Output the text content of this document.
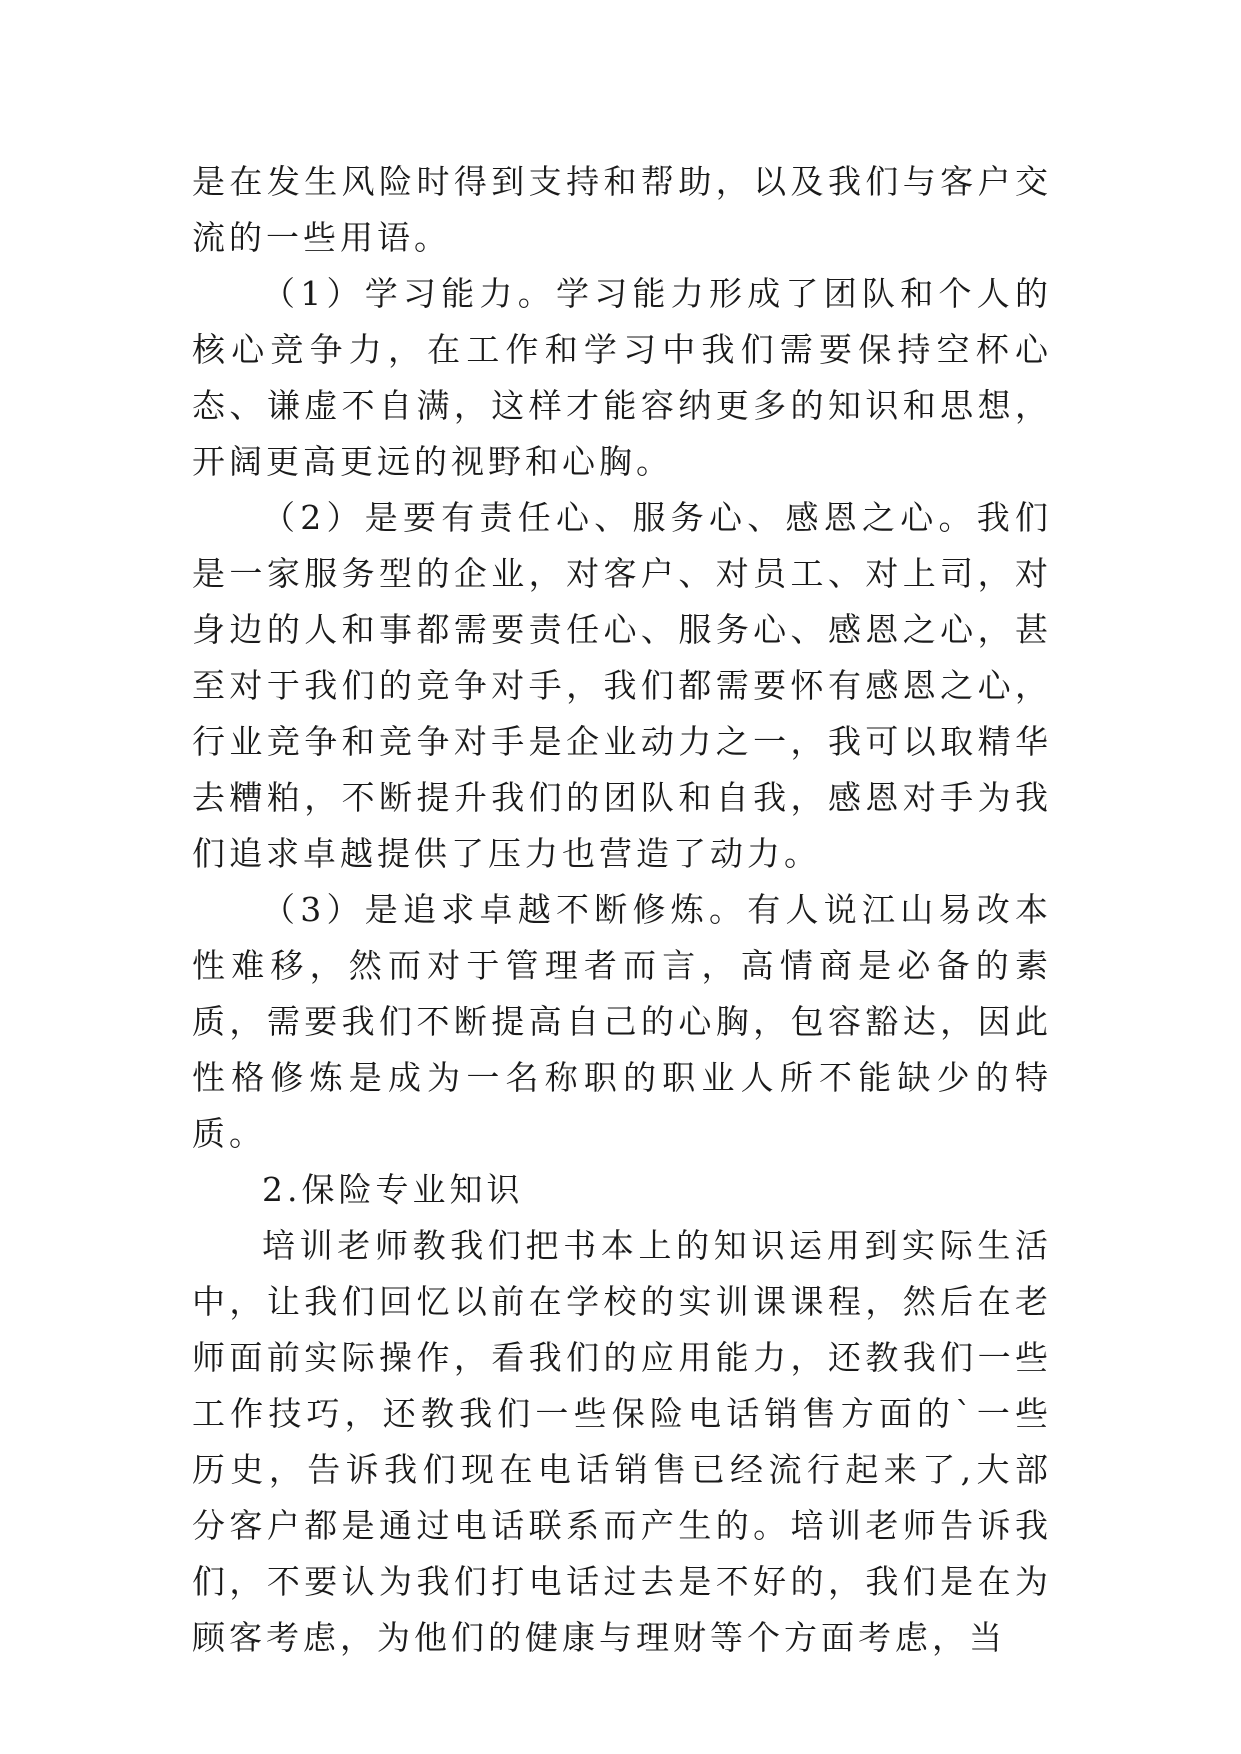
是在发生风险时得到支持和帮助，以及我们与客户交流的一些用语。

（1）学习能力。学习能力形成了团队和个人的核心竞争力，在工作和学习中我们需要保持空杯心态、谦虚不自满，这样才能容纳更多的知识和思想，开阔更高更远的视野和心胸。

（2）是要有责任心、服务心、感恩之心。我们是一家服务型的企业，对客户、对员工、对上司，对身边的人和事都需要责任心、服务心、感恩之心，甚至对于我们的竞争对手，我们都需要怀有感恩之心，行业竞争和竞争对手是企业动力之一，我可以取精华去糟粕，不断提升我们的团队和自我，感恩对手为我们追求卓越提供了压力也营造了动力。

（3）是追求卓越不断修炼。有人说江山易改本性难移，然而对于管理者而言，高情商是必备的素质，需要我们不断提高自己的心胸，包容豁达，因此性格修炼是成为一名称职的职业人所不能缺少的特质。

2.保险专业知识

培训老师教我们把书本上的知识运用到实际生活中，让我们回忆以前在学校的实训课课程，然后在老师面前实际操作，看我们的应用能力，还教我们一些工作技巧，还教我们一些保险电话销售方面的`一些历史，告诉我们现在电话销售已经流行起来了,大部分客户都是通过电话联系而产生的。培训老师告诉我们，不要认为我们打电话过去是不好的，我们是在为顾客考虑，为他们的健康与理财等个方面考虑，当
